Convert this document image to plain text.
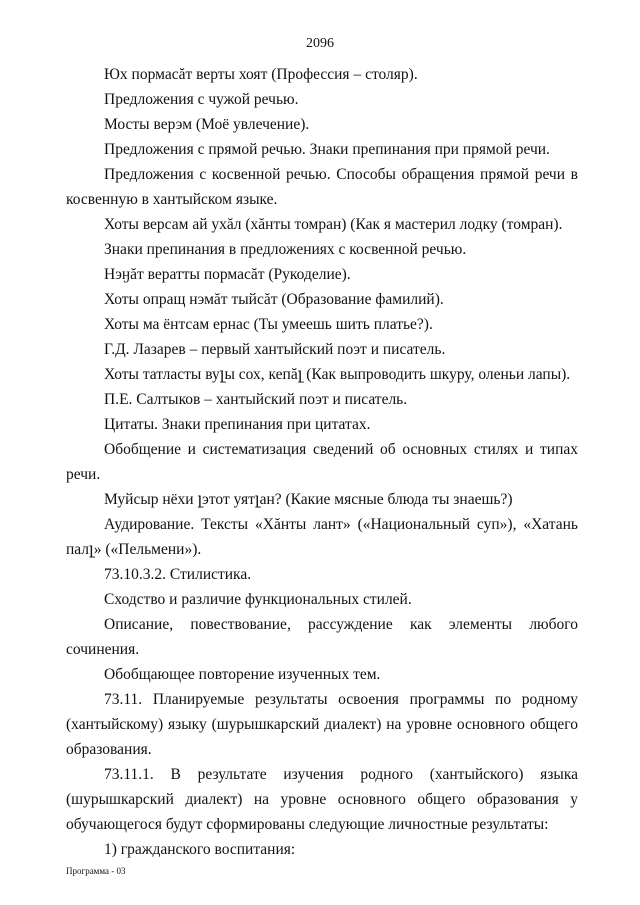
2096

Юх пормасăт верты хоят (Профессия – столяр).

Предложения с чужой речью.

Мосты верэм (Моё увлечение).

Предложения с прямой речью. Знаки препинания при прямой речи.

Предложения с косвенной речью. Способы обращения прямой речи в косвенную в хантыйском языке.

Хоты версам ай ухăл (хăнты томран) (Как я мастерил лодку (томран).

Знаки препинания в предложениях с косвенной речью.

Нэӈăт вератты пормасăт (Рукоделие).

Хоты опращ нэмăт тыйсăт (Образование фамилий).

Хоты ма ёнтсам ернас (Ты умеешь шить платье?).

Г.Д. Лазарев – первый хантыйский поэт и писатель.

Хоты татласты вуլы сох, кепăլ (Как выпроводить шкуру, оленьи лапы).

П.Е. Салтыков – хантыйский поэт и писатель.

Цитаты. Знаки препинания при цитатах.

Обобщение и систематизация сведений об основных стилях и типах речи.

Муйсыр нёхи լэтот уятլан? (Какие мясные блюда ты знаешь?)

Аудирование. Тексты «Хăнты лант» («Национальный суп»), «Хатань палլ» («Пельмени»).

73.10.3.2. Стилистика.

Сходство и различие функциональных стилей.

Описание, повествование, рассуждение как элементы любого сочинения.

Обобщающее повторение изученных тем.

73.11. Планируемые результаты освоения программы по родному (хантыйскому) языку (шурышкарский диалект) на уровне основного общего образования.

73.11.1. В результате изучения родного (хантыйского) языка (шурышкарский диалект) на уровне основного общего образования у обучающегося будут сформированы следующие личностные результаты:

1) гражданского воспитания:

Программа - 03
